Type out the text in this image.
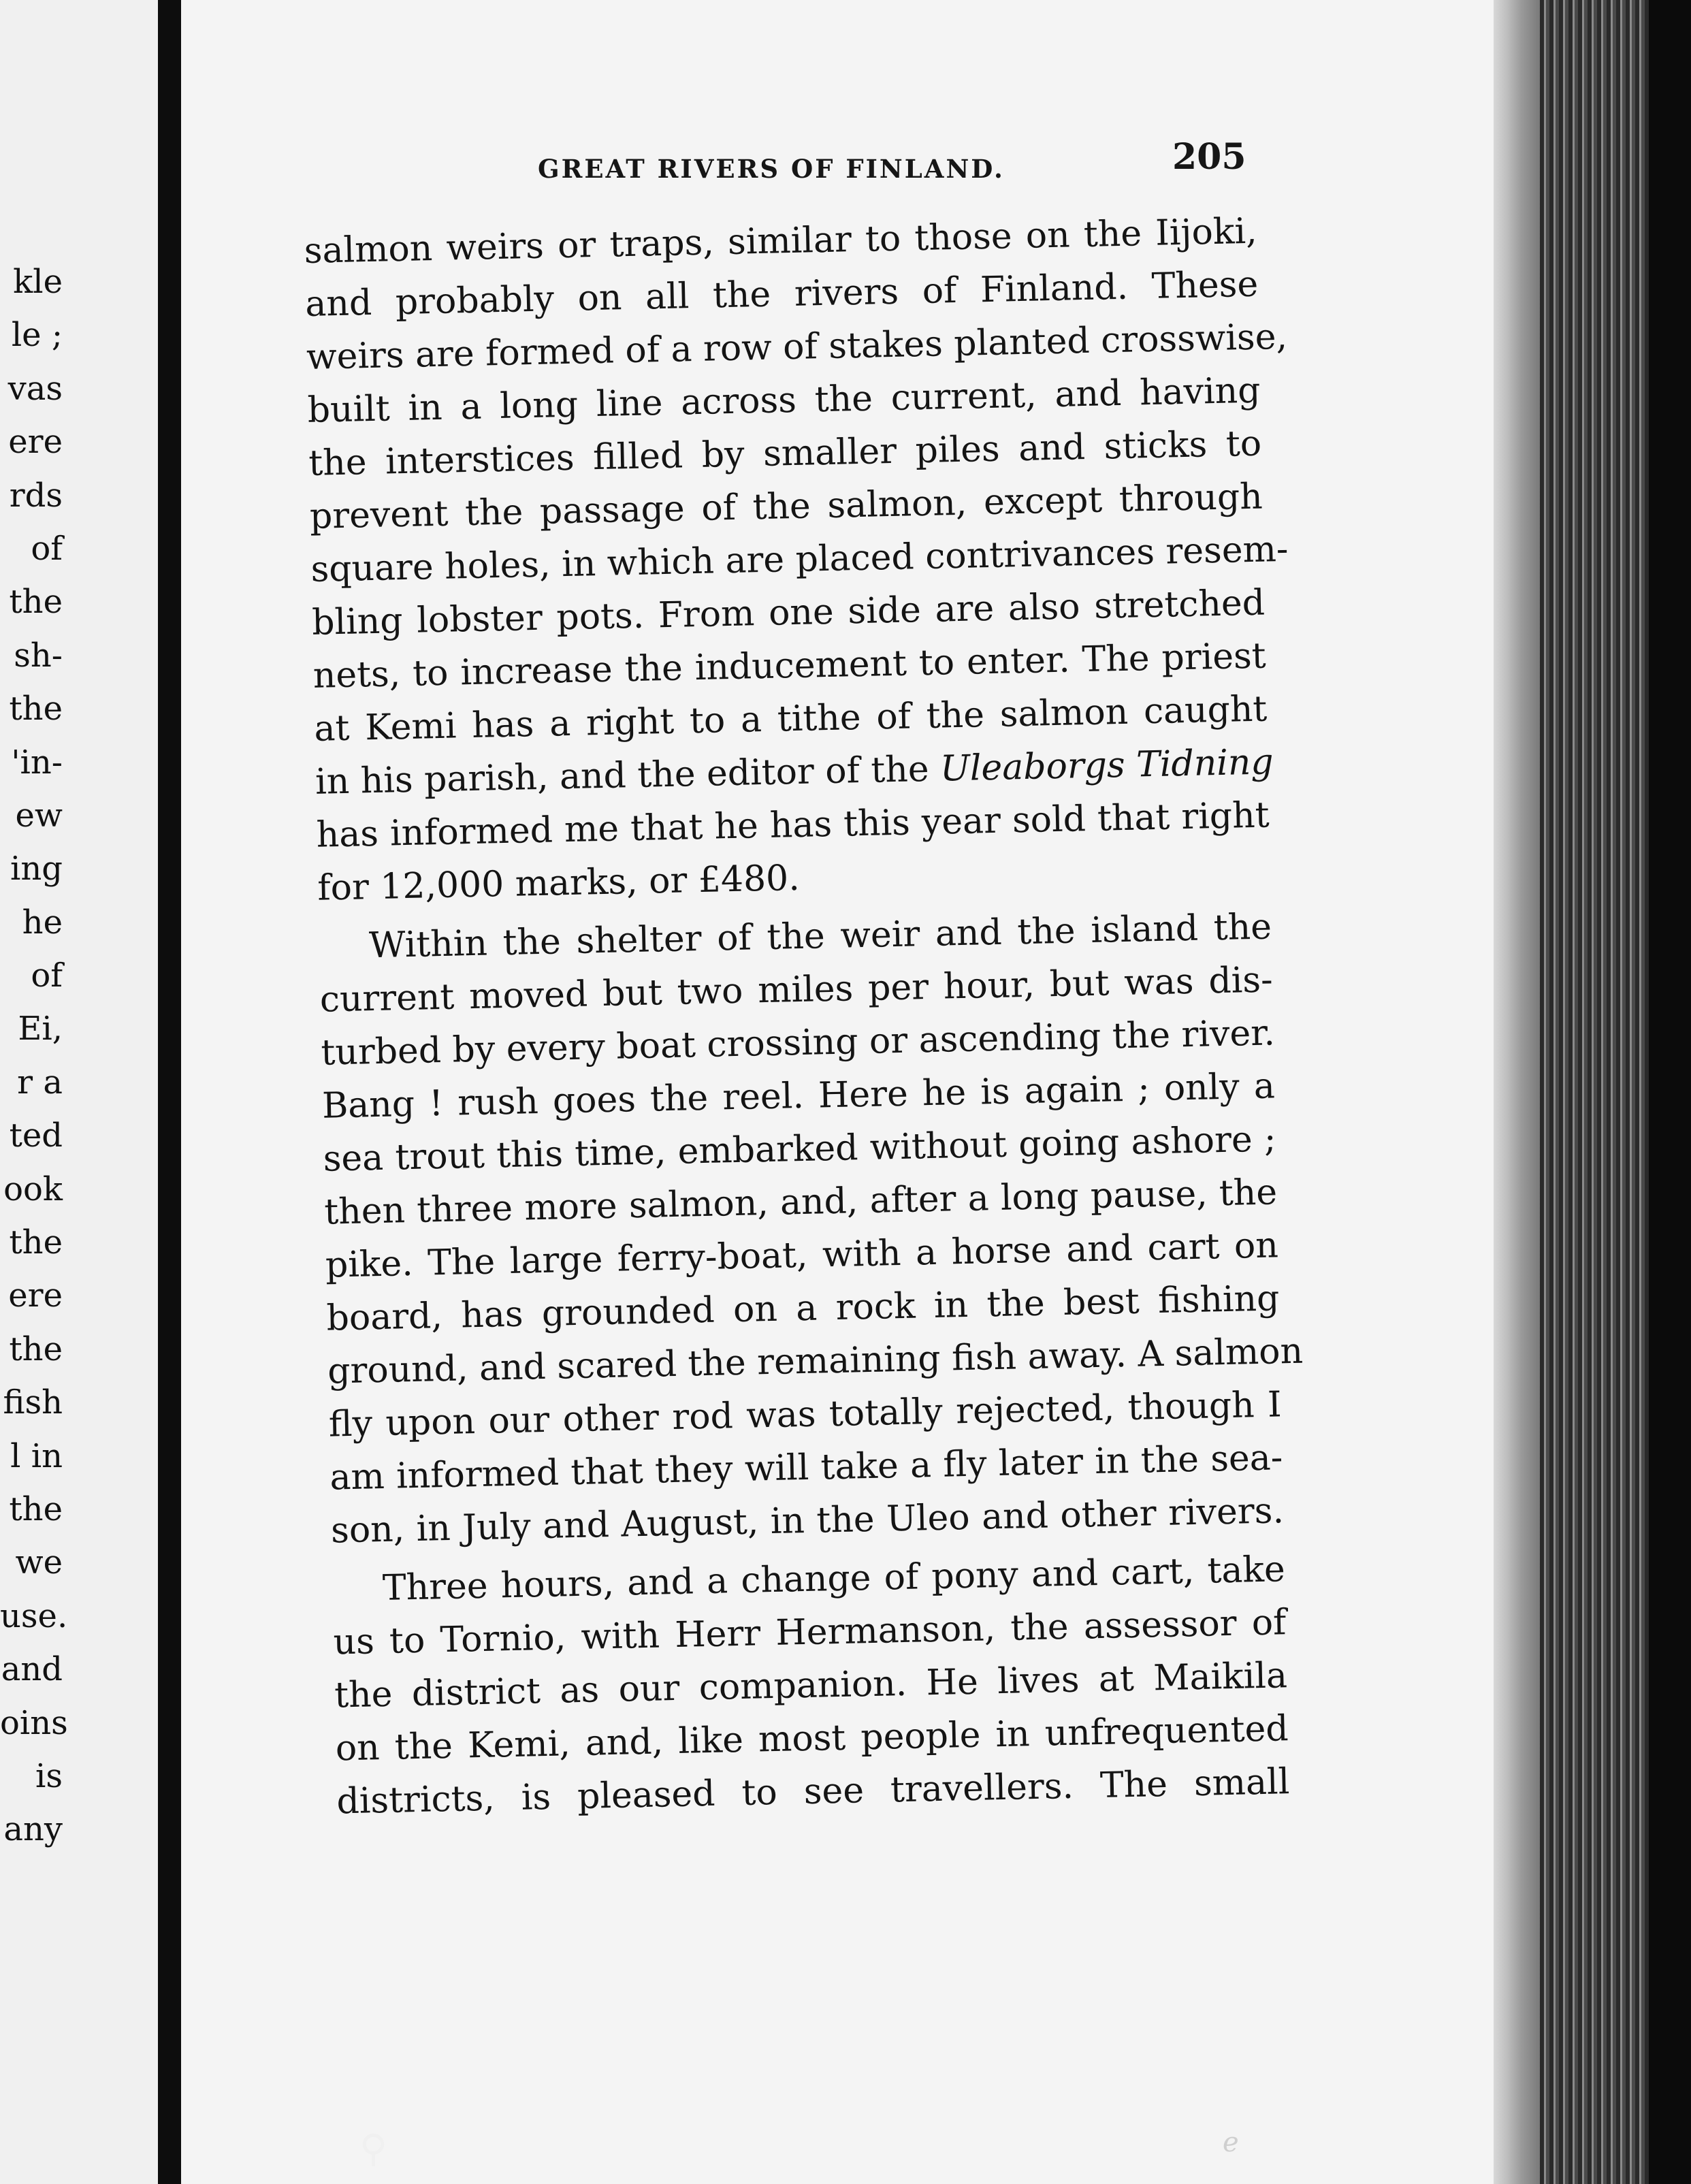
kle
le ;
vas
ere
rds
of
the
sh-
the
'in-
ew
ing
he
of
Ei,
r a
ted
ook
the
ere
the
fish
l in
the
we
use.
and
oins
is
any
GREAT RIVERS OF FINLAND.	205

salmon weirs or traps, similar to those on the Iijoki,
and probably on all the rivers of Finland. These
weirs are formed of a row of stakes planted crosswise,
built in a long line across the current, and having
the interstices filled by smaller piles and sticks to
prevent the passage of the salmon, except through
square holes, in which are placed contrivances resem-
bling lobster pots. From one side are also stretched
nets, to increase the inducement to enter. The priest
at Kemi has a right to a tithe of the salmon caught
in his parish, and the editor of the Uleaborgs Tidning
has informed me that he has this year sold that right
for 12,000 marks, or £480.

Within the shelter of the weir and the island the
current moved but two miles per hour, but was dis-
turbed by every boat crossing or ascending the river.
Bang ! rush goes the reel. Here he is again ; only a
sea trout this time, embarked without going ashore ;
then three more salmon, and, after a long pause, the
pike. The large ferry-boat, with a horse and cart on
board, has grounded on a rock in the best fishing
ground, and scared the remaining fish away. A salmon
fly upon our other rod was totally rejected, though I
am informed that they will take a fly later in the sea-
son, in July and August, in the Uleo and other rivers.

Three hours, and a change of pony and cart, take
us to Tornio, with Herr Hermanson, the assessor of
the district as our companion. He lives at Maikila
on the Kemi, and, like most people in unfrequented
districts, is pleased to see travellers. The small

⚲	ℯ
